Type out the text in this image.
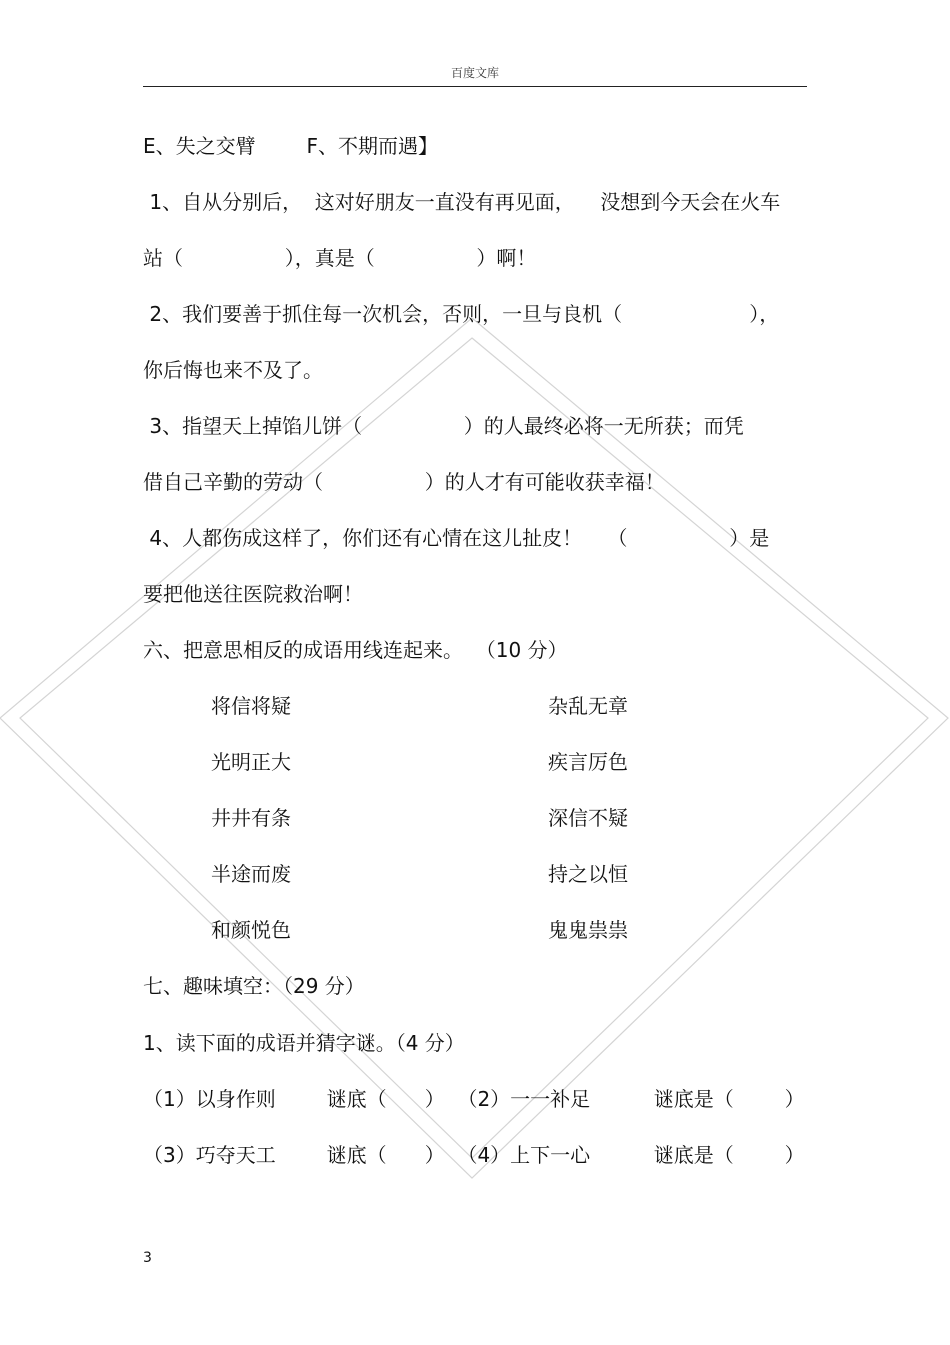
百度文库
E、失之交臂        F、不期而遇】
1、自从分别后，  这对好朋友一直没有再见面，    没想到今天会在火车
站（                ），真是（                ）啊！
2、我们要善于抓住每一次机会，否则，一旦与良机（                    ），
你后悔也来不及了。
3、指望天上掉馅儿饼（                ）的人最终必将一无所获；而凭
借自己辛勤的劳动（                ）的人才有可能收获幸福！
4、人都伤成这样了，你们还有心情在这儿扯皮！    （                ）是
要把他送往医院救治啊！
六、把意思相反的成语用线连起来。  （10 分）
将信将疑	杂乱无章
光明正大	疾言厉色
井井有条	深信不疑
半途而废	持之以恒
和颜悦色	鬼鬼祟祟
七、趣味填空：（29 分）
1、读下面的成语并猜字谜。（4 分）
（1）以身作则        谜底（      ）  （2）一一补足          谜底是（        ）
（3）巧夺天工        谜底（      ）  （4）上下一心          谜底是（        ）
3
